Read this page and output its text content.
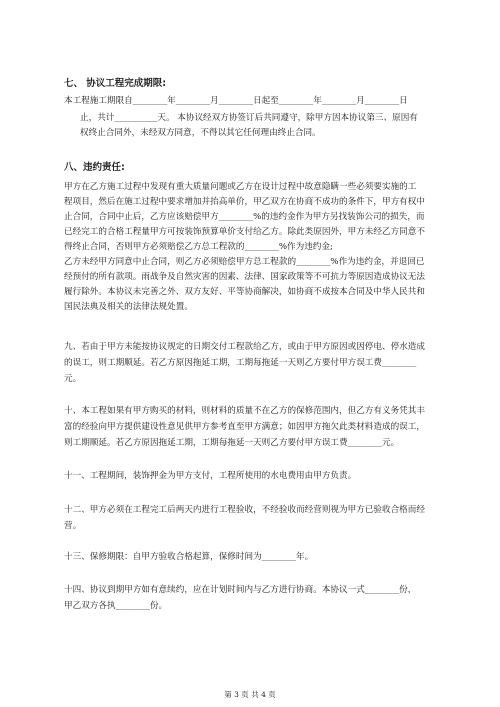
七、 协议工程完成期限:
本工程施工期限自________年________月________日起至________年________月________日
止，共计__________天。 本协议经双方协签订后共同遵守，除甲方因本协议第三、原因有
权终止合同外，未经双方同意，不得以其它任何理由终止合同。
八、违约责任:
甲方在乙方施工过程中发现有重大质量问题或乙方在设计过程中故意隐瞒一些必须要实施的工
程项目，然后在施工过程中要求增加并抬高单价，甲乙双方在协商不成功的条件下，甲方有权中
止合同，合同中止后，乙方应该赔偿甲方________%的违约金作为甲方另找装饰公司的损失，而
已经完工的合格工程量甲方可按装饰预算单价支付给乙方。除此类原因外，甲方未经乙方同意不
得终止合同，否则甲方必须赔偿乙方总工程款的________%作为违约金;
乙方未经甲方同意中止合同，则乙方必须赔偿甲方总工程款的________%作为违约金，并退回已
经预付的所有款项。雨战争及自然灾害的因素、法律、国家政策等不可抗力等原因造成协议无法
履行除外。本协议未完善之外、双方友好、平等协商解决，如协商不成按本合同及中华人民共和
国民法典及相关的法律法规处置。
九、若由于甲方未能按协议规定的日期交付工程款给乙方，或由于甲方原因或因停电、停水造成
的误工，则工期顺延。若乙方原因拖延工期，工期每拖延一天则乙方要付甲方误工费________
元。
十、本工程如果有甲方购买的材料，则材料的质量不在乙方的保修范围内，但乙方有义务凭其丰
富的经验向甲方提供建设性意见供甲方参考直至甲方满意；如因甲方拖欠此类材料造成的误工，
则工期顺延。若乙方原因拖延工期，工期每拖延一天则乙方要付甲方误工费________元。
十一、工程期间，装饰押金为甲方支付，工程所使用的水电费用由甲方负责。
十二、甲方必须在工程完工后两天内进行工程验收，不经验收而经营则视为甲方已验收合格而经
营。
十三、保修期限：自甲方验收合格起算，保修时间为________年。
十四、协议到期甲方如有意续约，应在计划时间内与乙方进行协商。本协议一式________份，
甲乙双方各执________份。
第 3 页 共 4 页
